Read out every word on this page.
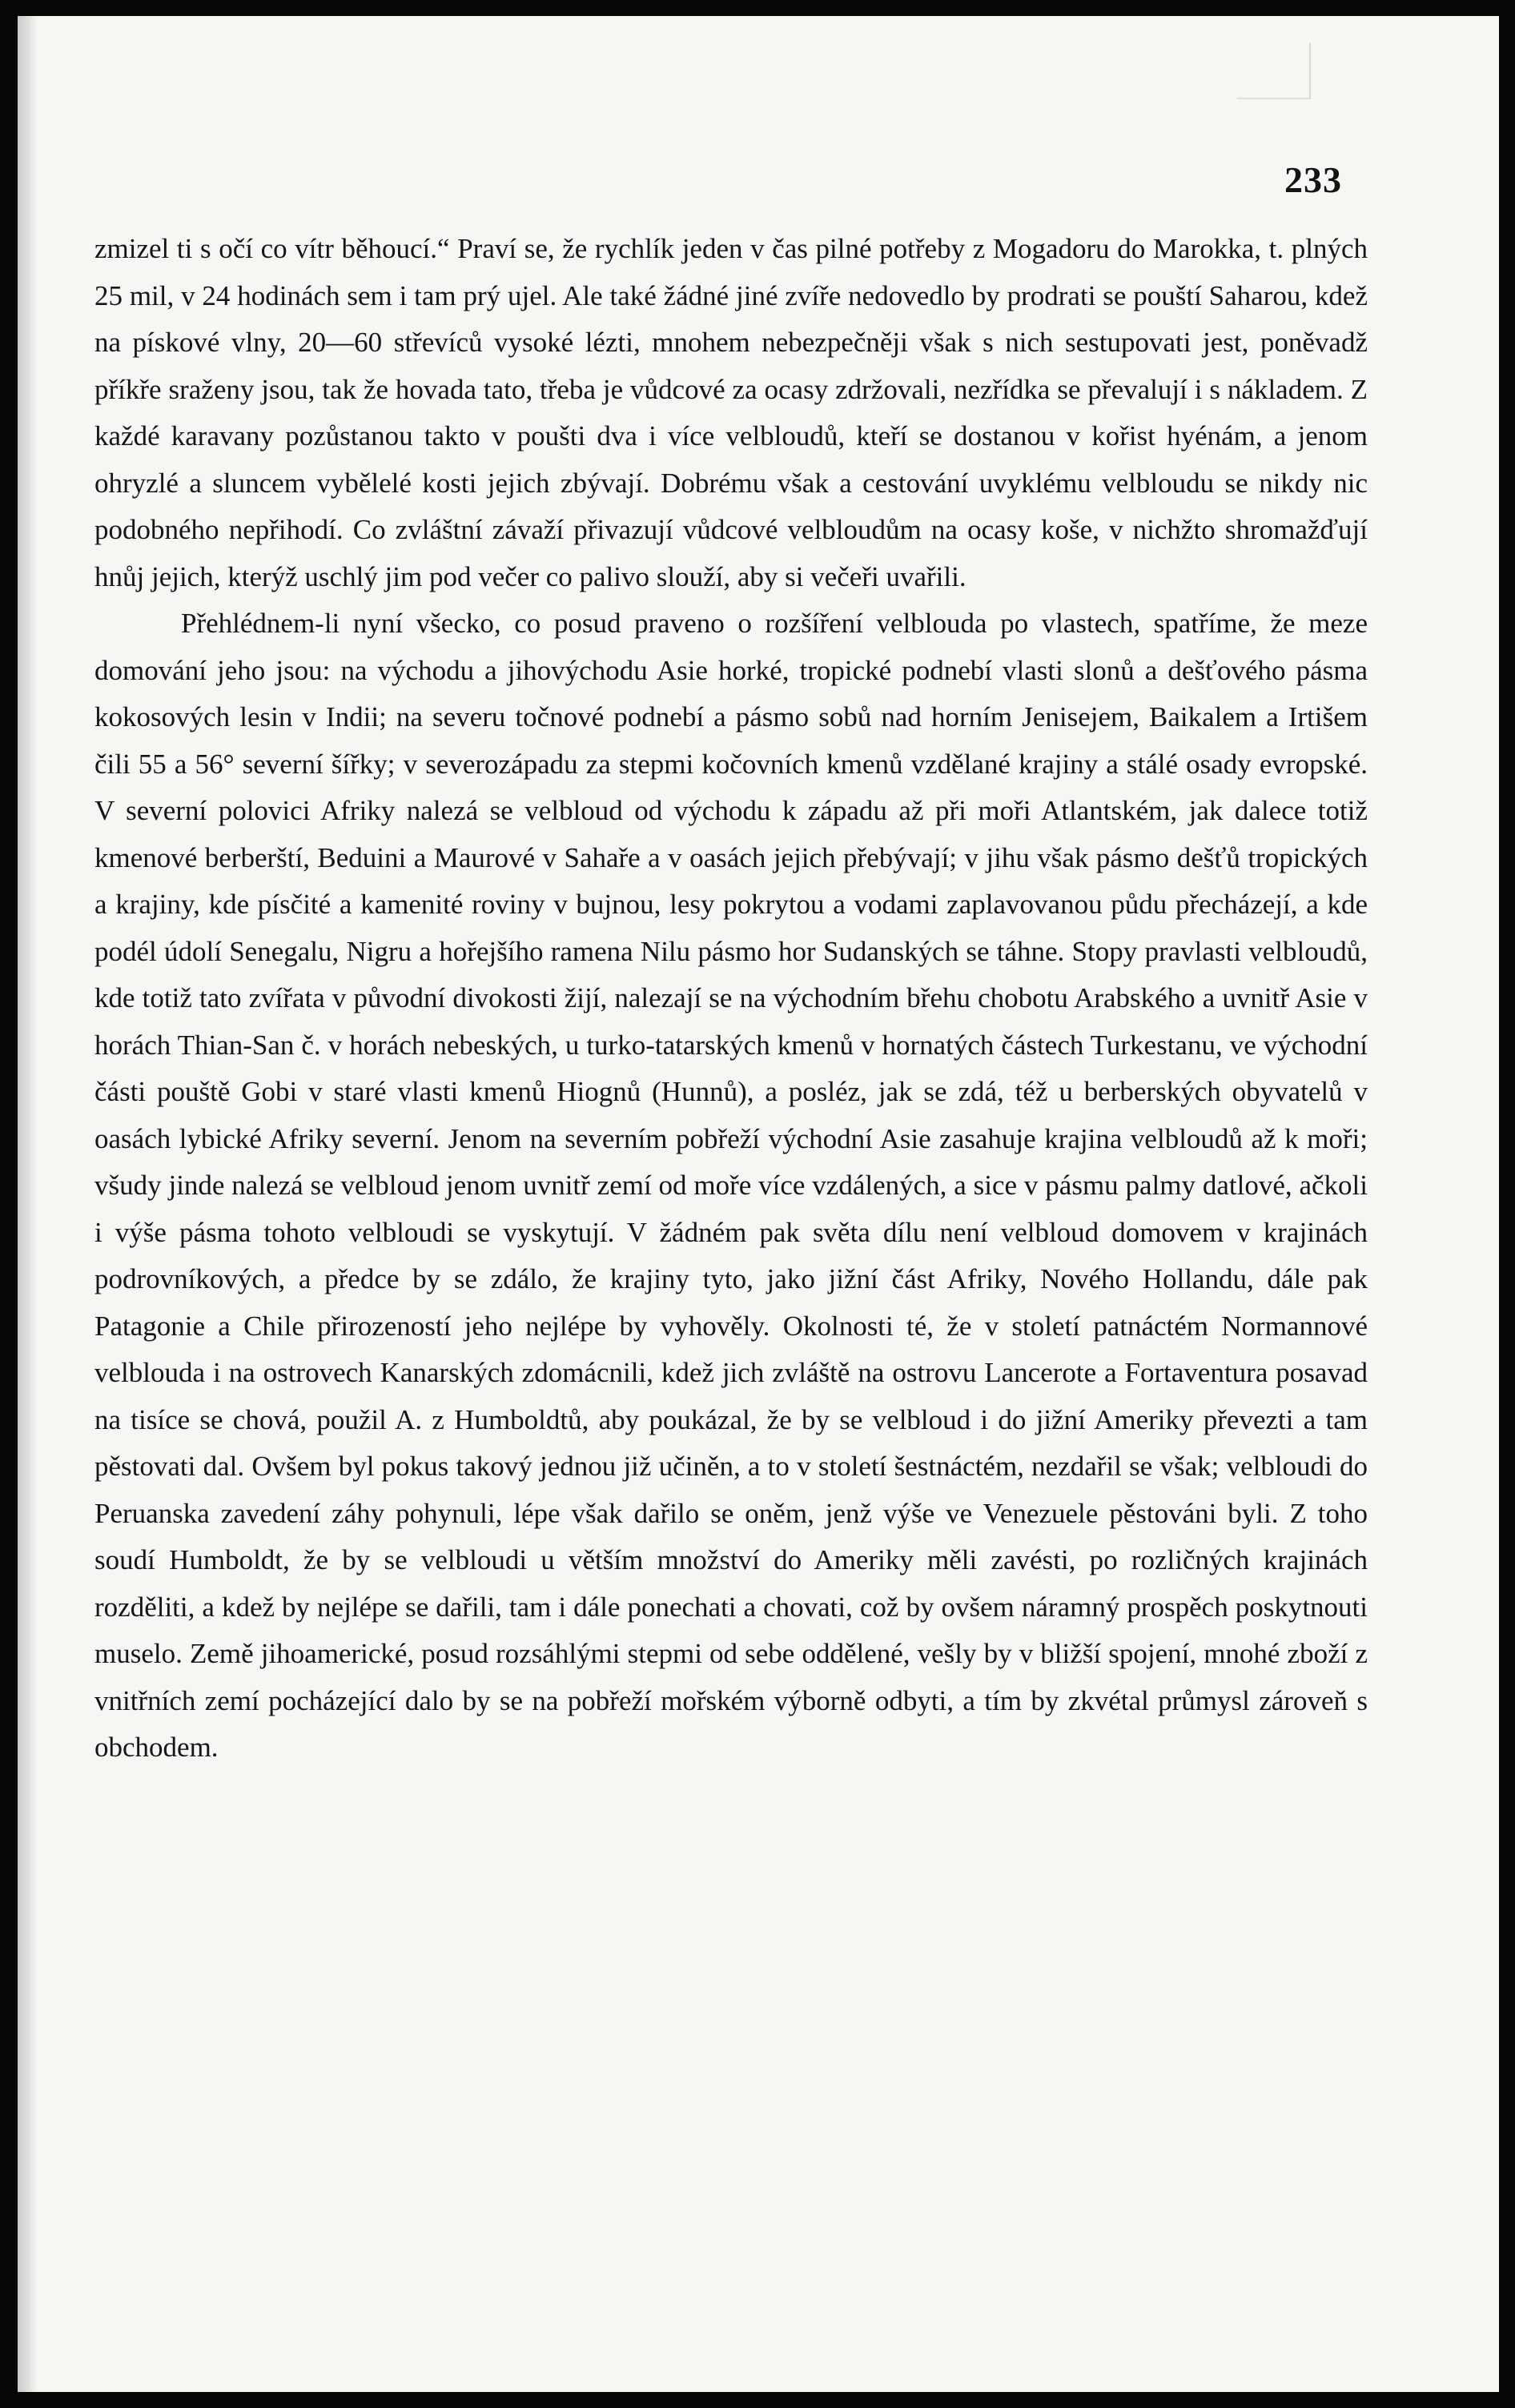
233

zmizel ti s očí co vítr běhoucí.“ Praví se, že rychlík jeden v čas pilné potřeby z Mogadoru do Marokka, t. plných 25 mil, v 24 hodinách sem i tam prý ujel. Ale také žádné jiné zvíře nedovedlo by prodrati se pouští Saharou, kdež na pískové vlny, 20—60 střevíců vysoké lézti, mnohem nebezpečněji však s nich sestupovati jest, poněvadž příkře sraženy jsou, tak že hovada tato, třeba je vůdcové za ocasy zdržovali, nezřídka se převalují i s nákladem. Z každé karavany pozůstanou takto v poušti dva i více velbloudů, kteří se dostanou v kořist hyénám, a jenom ohryzlé a sluncem vybělelé kosti jejich zbývají. Dobrému však a cestování uvyklému velbloudu se nikdy nic podobného nepřihodí. Co zvláštní závaží přivazují vůdcové velbloudům na ocasy koše, v nichžto shromažďují hnůj jejich, kterýž uschlý jim pod večer co palivo slouží, aby si večeři uvařili.

Přehlédnem-li nyní všecko, co posud praveno o rozšíření velblouda po vlastech, spatříme, že meze domování jeho jsou: na východu a jihovýchodu Asie horké, tropické podnebí vlasti slonů a dešťového pásma kokosových lesin v Indii; na severu točnové podnebí a pásmo sobů nad horním Jenisejem, Baikalem a Irtišem čili 55 a 56° severní šířky; v severozápadu za stepmi kočovních kmenů vzdělané krajiny a stálé osady evropské. V severní polovici Afriky nalezá se velbloud od východu k západu až při moři Atlantském, jak dalece totiž kmenové berberští, Beduini a Maurové v Sahaře a v oasách jejich přebývají; v jihu však pásmo dešťů tropických a krajiny, kde písčité a kamenité roviny v bujnou, lesy pokrytou a vodami zaplavovanou půdu přecházejí, a kde podél údolí Senegalu, Nigru a hořejšího ramena Nilu pásmo hor Sudanských se táhne. Stopy pravlasti velbloudů, kde totiž tato zvířata v původní divokosti žijí, nalezají se na východním břehu chobotu Arabského a uvnitř Asie v horách Thian-San č. v horách nebeských, u turko-tatarských kmenů v hornatých částech Turkestanu, ve východní části pouště Gobi v staré vlasti kmenů Hiognů (Hunnů), a posléz, jak se zdá, též u berberských obyvatelů v oasách lybické Afriky severní. Jenom na severním pobřeží východní Asie zasahuje krajina velbloudů až k moři; všudy jinde nalezá se velbloud jenom uvnitř zemí od moře více vzdálených, a sice v pásmu palmy datlové, ačkoli i výše pásma tohoto velbloudi se vyskytují. V žádném pak světa dílu není velbloud domovem v krajinách podrovníkových, a předce by se zdálo, že krajiny tyto, jako jižní část Afriky, Nového Hollandu, dále pak Patagonie a Chile přirozeností jeho nejlépe by vyhověly. Okolnosti té, že v století patnáctém Normannové velblouda i na ostrovech Kanarských zdomácnili, kdež jich zvláště na ostrovu Lancerote a Fortaventura posavad na tisíce se chová, použil A. z Humboldtů, aby poukázal, že by se velbloud i do jižní Ameriky převezti a tam pěstovati dal. Ovšem byl pokus takový jednou již učiněn, a to v století šestnáctém, nezdařil se však; velbloudi do Peruanska zavedení záhy pohynuli, lépe však dařilo se oněm, jenž výše ve Venezuele pěstováni byli. Z toho soudí Humboldt, že by se velbloudi u větším množství do Ameriky měli zavésti, po rozličných krajinách rozděliti, a kdež by nejlépe se dařili, tam i dále ponechati a chovati, což by ovšem náramný prospěch poskytnouti muselo. Země jihoamerické, posud rozsáhlými stepmi od sebe oddělené, vešly by v bližší spojení, mnohé zboží z vnitřních zemí pocházející dalo by se na pobřeží mořském výborně odbyti, a tím by zkvétal průmysl zároveň s obchodem.
